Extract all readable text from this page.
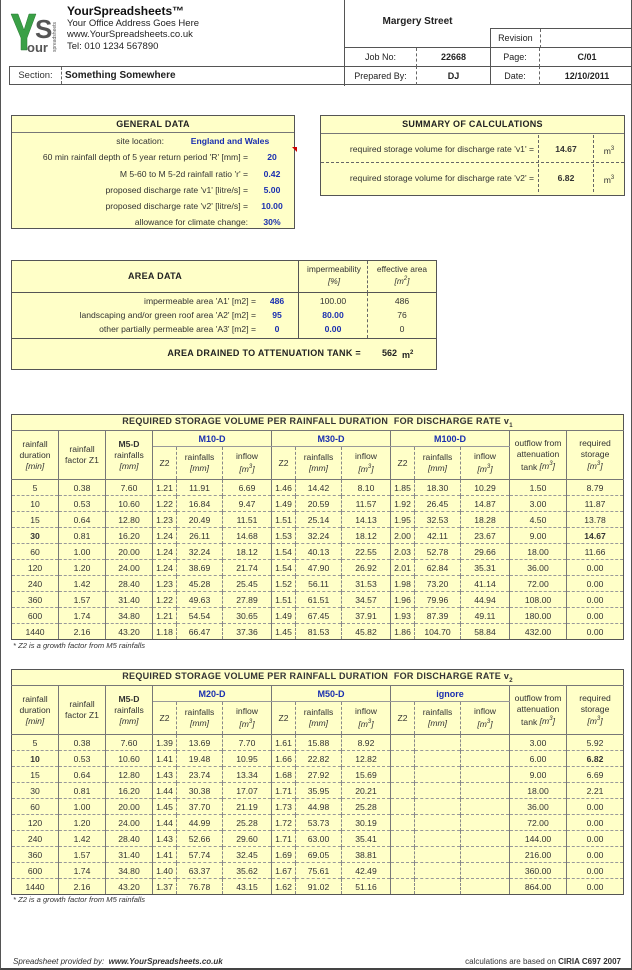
S
our spreadsheets
YourSpreadsheets™
Your Office Address Goes Here
www.YourSpreadsheets.co.uk
Tel: 010 1234 567890
Section:	Something Somewhere
Margery Street
Revision
Job No:	22668	Page:	C/01
Prepared By:	DJ	Date:	12/10/2011
GENERAL DATA
site location:	England and Wales
60 min rainfall depth of 5 year return period 'R' [mm] =	20
M 5-60 to M 5-2d rainfall ratio 'r' =	0.42
proposed discharge rate 'v1' [litre/s] =	5.00
proposed discharge rate 'v2' [litre/s] =	10.00
allowance for climate change:	30%
SUMMARY OF CALCULATIONS
required storage volume for discharge rate 'v1' =	14.67	$m^3$
required storage volume for discharge rate 'v2' =	6.82	$m^3$
AREA DATA
impermeability
[%]
effective area
$[m^2]$
impermeable area 'A1' [m2] =	486	100.00	486
landscaping and/or green roof area 'A2' [m2] =	95	80.00	76
other partially permeable area 'A3' [m2] =	0	0.00	0
AREA DRAINED TO ATTENUATION TANK = 562 $m^2$
REQUIRED STORAGE VOLUME PER RAINFALL DURATION  FOR DISCHARGE RATE $v_1$
rainfall
duration
[min]	rainfall
factor Z1	M5-D
rainfalls
[mm]	M10-D			M30-D			M100-D			outflow from
attenuation
tank $[m^3]$	required
storage
$[m^3]$
			Z2	rainfalls
[mm]	inflow
$[m^3]$	Z2	rainfalls
[mm]	inflow
$[m^3]$	Z2	rainfalls
[mm]	inflow
$[m^3]$		
5	0.38	7.60	1.21	11.91	6.69	1.46	14.42	8.10	1.85	18.30	10.29	1.50	8.79
10	0.53	10.60	1.22	16.84	9.47	1.49	20.59	11.57	1.92	26.45	14.87	3.00	11.87
15	0.64	12.80	1.23	20.49	11.51	1.51	25.14	14.13	1.95	32.53	18.28	4.50	13.78
30	0.81	16.20	1.24	26.11	14.68	1.53	32.24	18.12	2.00	42.11	23.67	9.00	14.67
60	1.00	20.00	1.24	32.24	18.12	1.54	40.13	22.55	2.03	52.78	29.66	18.00	11.66
120	1.20	24.00	1.24	38.69	21.74	1.54	47.90	26.92	2.01	62.84	35.31	36.00	0.00
240	1.42	28.40	1.23	45.28	25.45	1.52	56.11	31.53	1.98	73.20	41.14	72.00	0.00
360	1.57	31.40	1.22	49.63	27.89	1.51	61.51	34.57	1.96	79.96	44.94	108.00	0.00
600	1.74	34.80	1.21	54.54	30.65	1.49	67.45	37.91	1.93	87.39	49.11	180.00	0.00
1440	2.16	43.20	1.18	66.47	37.36	1.45	81.53	45.82	1.86	104.70	58.84	432.00	0.00
* Z2 is a growth factor from M5 rainfalls
REQUIRED STORAGE VOLUME PER RAINFALL DURATION  FOR DISCHARGE RATE $v_2$
rainfall
duration
[min]	rainfall
factor Z1	M5-D
rainfalls
[mm]	M20-D			M50-D			ignore			outflow from
attenuation
tank $[m^3]$	required
storage
$[m^3]$
			Z2	rainfalls
[mm]	inflow
$[m^3]$	Z2	rainfalls
[mm]	inflow
$[m^3]$	Z2	rainfalls
[mm]	inflow
$[m^3]$		
5	0.38	7.60	1.39	13.69	7.70	1.61	15.88	8.92				3.00	5.92
10	0.53	10.60	1.41	19.48	10.95	1.66	22.82	12.82				6.00	6.82
15	0.64	12.80	1.43	23.74	13.34	1.68	27.92	15.69				9.00	6.69
30	0.81	16.20	1.44	30.38	17.07	1.71	35.95	20.21				18.00	2.21
60	1.00	20.00	1.45	37.70	21.19	1.73	44.98	25.28				36.00	0.00
120	1.20	24.00	1.44	44.99	25.28	1.72	53.73	30.19				72.00	0.00
240	1.42	28.40	1.43	52.66	29.60	1.71	63.00	35.41				144.00	0.00
360	1.57	31.40	1.41	57.74	32.45	1.69	69.05	38.81				216.00	0.00
600	1.74	34.80	1.40	63.37	35.62	1.67	75.61	42.49				360.00	0.00
1440	2.16	43.20	1.37	76.78	43.15	1.62	91.02	51.16				864.00	0.00
* Z2 is a growth factor from M5 rainfalls
Spreadsheet provided by: www.YourSpreadsheets.co.uk	calculations are based on CIRIA C697 2007
